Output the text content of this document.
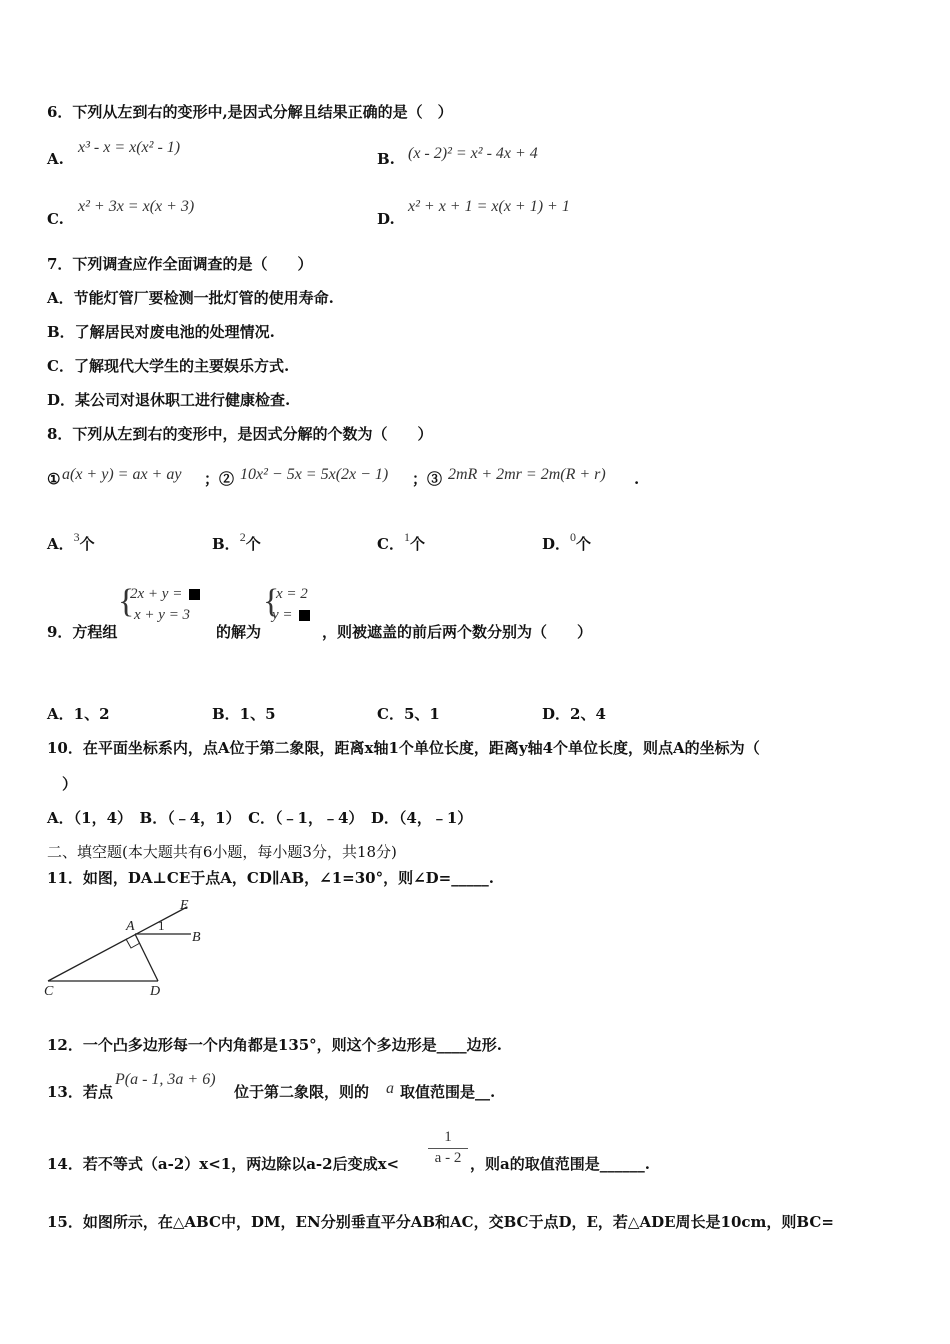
6．下列从左到右的变形中,是因式分解且结果正确的是（　）
A.
x³ - x = x(x² - 1)
B. (x - 2)² = x² - 4x + 4
C.
x² + 3x = x(x + 3)
D.
x² + x + 1 = x(x + 1) + 1
7．下列调查应作全面调查的是（　　）
A．节能灯管厂要检测一批灯管的使用寿命.
B．了解居民对废电池的处理情况.
C．了解现代大学生的主要娱乐方式.
D．某公司对退休职工进行健康检查.
8．下列从左到右的变形中，是因式分解的个数为（　　）
① a(x + y) = ax + ay ；② 10x² − 5x = 5x(2x − 1) ；③ 2mR + 2mr = 2m(R + r) .
A．$^3$个	B．$^2$个	C．$^1$个	D．$^0$个
9．方程组
{
2x + y =
x + y = 3
的解为
{
x = 2
y =
，则被遮盖的前后两个数分别为（　　）
A．1、2	B．1、5	C．5、1	D．2、4
10．在平面坐标系内，点A位于第二象限，距离x轴1个单位长度，距离y轴4个单位长度，则点A的坐标为（
）
A．（1，4）　B．（﹣4，1）　C．（﹣1，﹣4）　D．（4，﹣1）
二、填空题(本大题共有6小题，每小题3分，共18分)
11．如图，DA⊥CE于点A，CD∥AB，∠1=30°，则∠D=_____.
A
B
C	D
E
1
12．一个凸多边形每一个内角都是135°，则这个多边形是____边形.
13．若点
P(a - 1, 3a + 6)
位于第二象限，则的 a 取值范围是__.
14．若不等式（a-2）x<1，两边除以a-2后变成$x< \frac{1}{a - 2}$ ，则a的取值范围是______.
15．如图所示，在△ABC中，DM，EN分别垂直平分AB和AC，交BC于点D，E，若△ADE周长是10cm，则BC=
